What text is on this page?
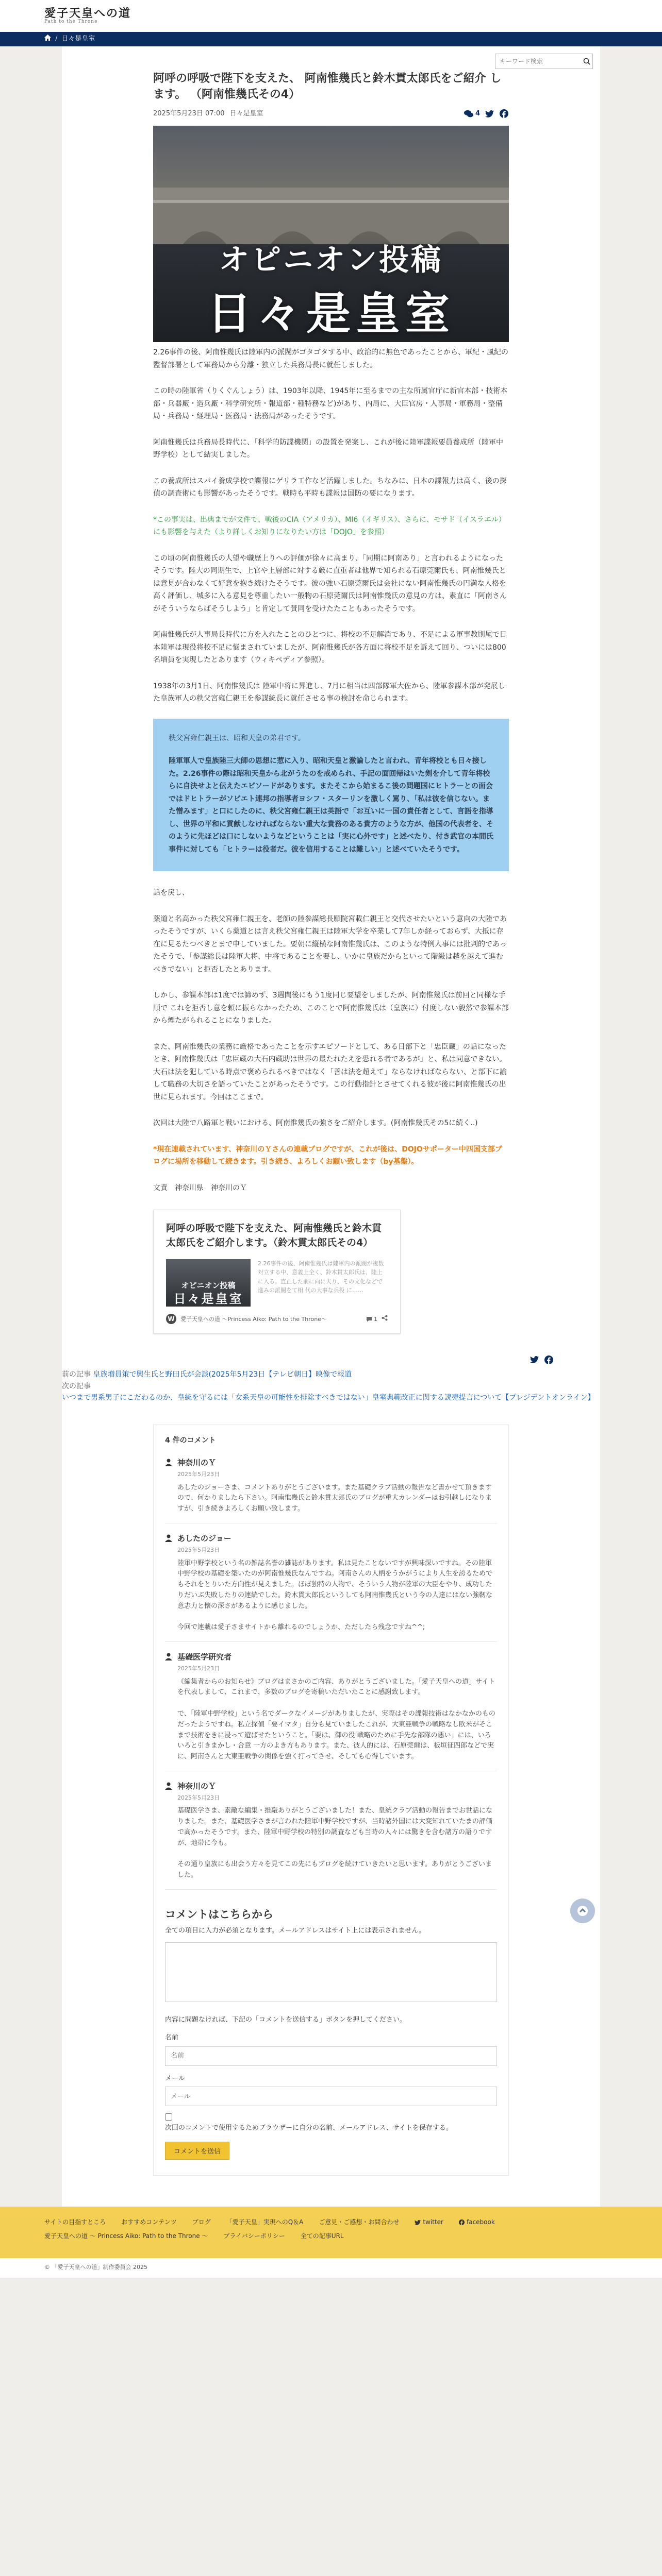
愛子天皇への道
Path to the Throne
/ 日々是皇室
キーワード検索
阿呼の呼吸で陛下を支えた、 阿南惟幾氏と鈴木貫太郎氏をご紹介 します。 （阿南惟幾氏その4）
2025年5月23日 07:00 日々是皇室	4
オピニオン投稿
日々是皇室

2.26事件の後、阿南惟幾氏は陸軍内の派閥がゴタゴタする中、政治的に無色であったことから、軍紀・風紀の監督部署として軍務局から分離・独立した兵務局長に就任しました。

この時の陸軍省（りくぐんしょう）は、1903年以降、1945年に至るまでの主な所属官庁に新官本部・技術本部・兵器廠・造兵廠・科学研究所・報道部・種特務など)があり、内局に、大臣官房・人事局・軍務局・整備局・兵務局・経理局・医務局・法務局があったそうです。

阿南惟幾氏は兵務局長時代に、「科学的防諜機関」の設置を発案し、これが後に陸軍諜報要員養成所（陸軍中野学校）として結実しました。

この養成所はスパイ養成学校で諜報にゲリラ工作など活躍しました。ちなみに、日本の諜報力は高く、後の探偵の調査術にも影響があったそうです。戦時も平時も諜報は国防の要になります。

*この事実は、出典までが文件で、戦後のCIA（アメリカ）、MI6（イギリス）、さらに、モサド（イスラエル）にも影響を与えた（より詳しくお知りになりたい方は「DOJO」を参照）

この頃の阿南惟幾氏の人望や職歴上りへの評価が徐々に高まり、「同期に阿南あり」と言われるようになったそうです。陸大の同期生で、上官や上層部に対する厳に直重者は他界で知られる石原莞爾氏も、阿南惟幾氏とは意見が合わなくて好意を抱き続けたそうです。彼の強い石原莞爾氏は会社にない阿南惟幾氏の円満な人格を高く評価し、城多に入る意見を尊重したい一般物の石原莞爾氏は阿南惟幾氏の意見の方は、素直に「阿南さんがそういうならばそうしよう」と肯定して賛同を受けたたこともあったそうです。

阿南惟幾氏が人事局長時代に方を入れたことのひとつに、将校の不足解消であり、不足による軍事教則尾で日本陸軍は現役将校不足に悩まされていましたが、阿南惟幾氏が各方面に将校不足を訴えて回り、ついには800名増員を実現したとあります（ウィキペディア参照）。

1938年の3月1日、阿南惟幾氏は 陸軍中将に昇進し、7月に相当は四部隊軍大佐から、陸軍参謀本部が発展した皇族軍人の秩父宮雍仁親王を参謀統長に就任させる事の検討を命じられます。

秩父宮雍仁親王は、昭和天皇の弟君です。

陸軍軍人で皇族陸三大師の思想に惹に入り、昭和天皇と激論したと言われ、青年将校とも日々接した。2.26事件の際は昭和天皇から北がうたのを戒められ、手記の面回帰はいた剣を介して青年将校らに自決せよと伝えたエピソードがあります。またそこから始まるこ後の問題国にヒトラーとの面会ではドヒトラーがソビエト連邦の指導者ヨシフ・スターリンを激しく罵り、「私は彼を信じない。また憎みます」と口にしたのに、秩父宮雍仁親王は英語で「お互いに一国の責任者として、言語を指導し、世界の平和に貢献しなければならない重大な貴務のある貴方のような方が、他国の代表者を、そのように先ほどは口にしないようなどということは「実に心外です」と述べたり、付き武官の本間氏事件に対しても「ヒトラーは役者だ。彼を信用することは難しい」と述べていたそうです。

話を戻し、

薬道と名高かった秩父宮雍仁親王を、老師の陸参謀総長願院宮載仁親王と交代させたいという意向の大陸であったそうですが、いくら薬道とは言え秩父宮雍仁親王は陸軍大学を卒業して7年しか経っておらず、大抵に存在に見るたつべきとまで申していました。要朝に縦横な阿南惟幾氏は、このような特例人事には批判的であったそうで、「参謀総長は陸軍大将、中将であることを要し、いかに皇族だからといって階級は越を越えて進むべきでない」と拒否したとあります。

しかし、参謀本部は1度では諦めず、3週間後にもう1度同じ要望をしましたが、阿南惟幾氏は前回と同様な手順で これを拒否し意を頼に振らなかったため、このことで阿南惟幾氏は（皇族に）付度しない毅然で参謀本部から煙たがられることになりました。

また、阿南惟幾氏の業務に厳格であったことを示すエピソードとして、ある日部下と「忠臣蔵」の話になったとき、阿南惟幾氏は「忠臣蔵の大石内蔵助は世界の最たれたえを恐れる者であるが」と、私は同意できない。大石は法を犯している時点で褒められるべきではなく「善は法を超えて」ならなければならない、と部下に諭して職務の大切さを語っていたことがあったそうです。この行動指針とさせてくれる彼が後に阿南惟幾氏の出世に見られます。今回はここまで。

次回は大陸で八路軍と戦いにおける、阿南惟幾氏の強さをご紹介します。(阿南惟幾氏その5に続く..)

*現在連載されています、神奈川のＹさんの連載ブログですが、これが後は、DOJOサポーター中四国支部ブログに場所を移動して続きます。引き続き、よろしくお願い致します（by基盤）。

文責　神奈川県　神奈川のＹ

阿呼の呼吸で陛下を支えた、阿南惟幾氏と鈴木貫太郎氏をご紹介します。（鈴木貫太郎氏その4）
オピニオン投稿
日々是皇室
2.26事件の後、阿南惟幾氏は陸軍内の派閥が複数対立する中、意義上全く、鈴木貫太郎氏は、陸上に入る。直正した前に向に夫り、その文化などで進みの派閥をて相 代の大事な兵役 に……
W	愛子天皇への道 〜Princess Aiko: Path to the Throne〜	1
前の記事 皇族増員策で興生氏と野田氏が会談(2025年5月23日【テレビ朝日】映像で報道
次の記事
いつまで男系男子にこだわるのか、皇統を守るには「女系天皇の可能性を排除すべきではない」皇室典範改正に関する読売提言について【プレジデントオンライン】
4 件のコメント
神奈川のＹ
2025年5月23日
あしたのジョーさま、コメントありがとうございます。また基礎クラブ活動の報告など書かせて頂きますので、何かりましたら下さい。阿南惟幾氏と鈴木貫太郎氏のブログが重大カレンダーはお引越しになりますが、引き続きよろしくお願い致します。
あしたのジョー
2025年5月23日
陸軍中野学校という名の雑誌名誉の雑誌があります。私は見たことないですが興味深いですね。その陸軍中野学校の基礎を築いたのが阿南惟幾氏なんですね。阿南さんの人柄をうかがうにより人生を誇るためでもそれをとりいた方向性が見えました。ほぼ独特の人物で、そういう人物が陸軍の大臣をやり、成功したりだいぶ失敗したりの連続でした。鈴木貫太郎氏というしても阿南惟幾氏という今の人達にはない強靭な意志力と懐の深さがあるように感じました。

今回で連載は愛子さまサイトから離れるのでしょうか、ただしたら残念ですね^^;
基礎医学研究者
2025年5月23日
《編集者からのお知らせ》ブログはまさかのご内容、ありがとうございました。「愛子天皇への道」サイトを代表しまして、これまで、多数のブログを寄稿いただいたことに感謝致します。

で、「陸軍中野学校」という名でダークなイメージがありましたが、実際はその諜報技術はなかなかのものだったようですね。私立探偵「要イマタ」自分も見ていましたこれが、大東亜戦争の戦略なし欧米がそこまで技術をきに浸って遊ばせたということ。「要は、御の役 戦略のために手先な部隊の悪い」には、いろいろと引きまかし・合意 一方のよき方もあります。また、彼人的には、石原莞爾は、板垣征四郎などで実に、阿南さんと大東亜戦争の関係を強く打ってさせ、そしても心得しています。
神奈川のＹ
2025年5月23日
基礎医学さま、素敵な編集・推敲ありがとうございました！また、皇統クラブ活動の報告までお世話になりました。また、基礎医学さまが言われた陸軍中野学校ですが、当時諸外国には大変知れていたまの評価で高かったそうです。また、陸軍中野学校の特別の調査なども当時の人々には驚きを含む諸方の語りですが、地帯に今も。

その通り皇族にも出会う方々を見てこの先にもブログを続けていきたいと思います。ありがとうございました。
コメントはこちらから

全ての項目に入力が必須となります。メールアドレスはサイト上には表示されません。

内容に問題なければ、下記の「コメントを送信する」ボタンを押してください。

名前
名前
メール
メール
次回のコメントで使用するためブラウザーに自分の名前、メールアドレス、サイトを保存する。
コメントを送信
サイトの目指すところ	おすすめコンテンツ	ブログ	「愛子天皇」実現へのQ＆A	ご意見・ご感想・お問合わせ	twitter	facebook
愛子天皇への道 〜 Princess Aiko: Path to the Throne 〜	プライバシーポリシー	全ての記事URL
© 「愛子天皇への道」制作委員会 2025
